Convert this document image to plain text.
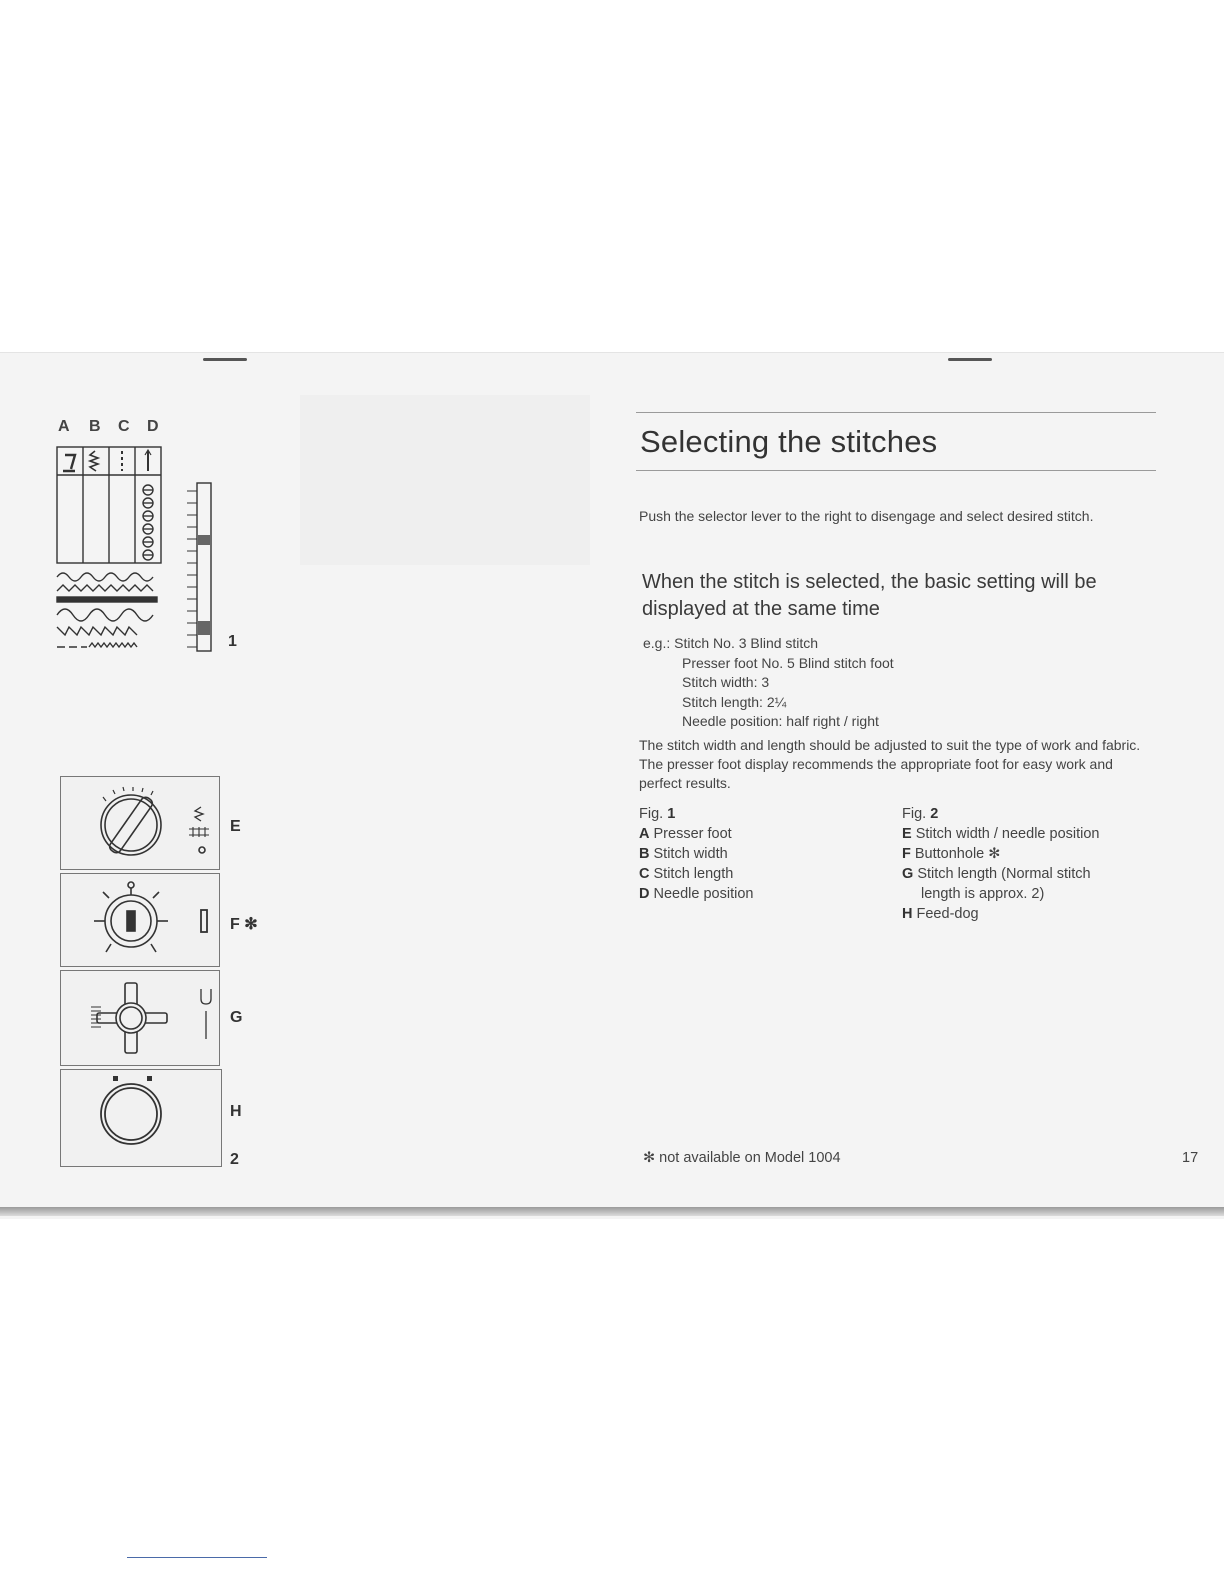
A B C D
1
E
F ✻
G
H
2
Selecting the stitches
Push the selector lever to the right to disengage and select desired stitch.
When the stitch is selected, the basic setting will be displayed at the same time
e.g.: Stitch No. 3 Blind stitch
Presser foot No. 5 Blind stitch foot
Stitch width: 3
Stitch length: 2¼
Needle position: half right / right
The stitch width and length should be adjusted to suit the type of work and fabric. The presser foot display recommends the appropriate foot for easy work and perfect results.
Fig. 1
A Presser foot
B Stitch width
C Stitch length
D Needle position
Fig. 2
E Stitch width / needle position
F Buttonhole ✻
G Stitch length (Normal stitch
length is approx. 2)
H Feed-dog
✻ not available on Model 1004	17
